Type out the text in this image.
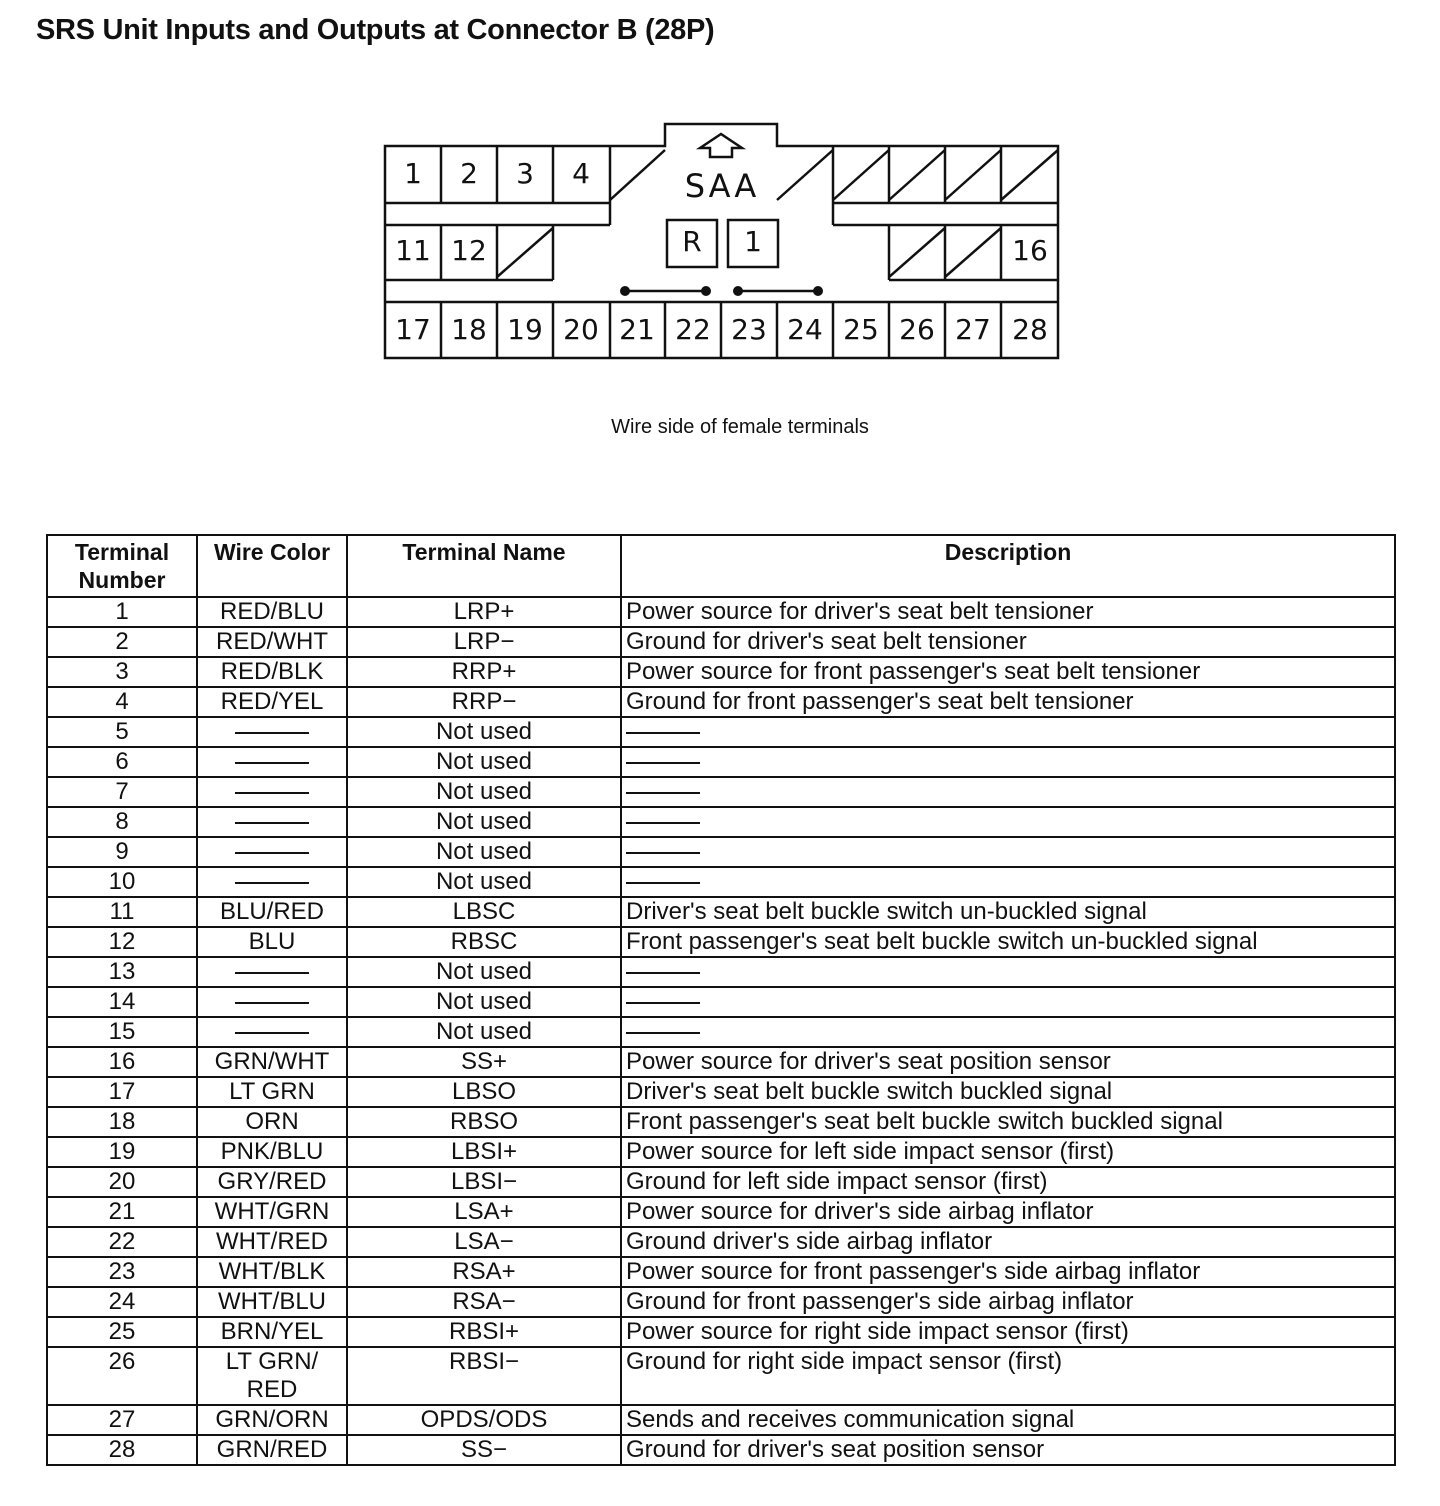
SRS Unit Inputs and Outputs at Connector B (28P)
SAA
R 1
1 2 3 4
11 12	16
17 18 19 20 21 22 23 24 25 26 27 28
Wire side of female terminals
Terminal Number	Wire Color	Terminal Name	Description
1	RED/BLU	LRP+	Power source for driver's seat belt tensioner
2	RED/WHT	LRP−	Ground for driver's seat belt tensioner
3	RED/BLK	RRP+	Power source for front passenger's seat belt tensioner
4	RED/YEL	RRP−	Ground for front passenger's seat belt tensioner
5		Not used	
6		Not used	
7		Not used	
8		Not used	
9		Not used	
10		Not used	
11	BLU/RED	LBSC	Driver's seat belt buckle switch un-buckled signal
12	BLU	RBSC	Front passenger's seat belt buckle switch un-buckled signal
13		Not used	
14		Not used	
15		Not used	
16	GRN/WHT	SS+	Power source for driver's seat position sensor
17	LT GRN	LBSO	Driver's seat belt buckle switch buckled signal
18	ORN	RBSO	Front passenger's seat belt buckle switch buckled signal
19	PNK/BLU	LBSI+	Power source for left side impact sensor (first)
20	GRY/RED	LBSI−	Ground for left side impact sensor (first)
21	WHT/GRN	LSA+	Power source for driver's side airbag inflator
22	WHT/RED	LSA−	Ground driver's side airbag inflator
23	WHT/BLK	RSA+	Power source for front passenger's side airbag inflator
24	WHT/BLU	RSA−	Ground for front passenger's side airbag inflator
25	BRN/YEL	RBSI+	Power source for right side impact sensor (first)
26	LT GRN/ RED	RBSI−	Ground for right side impact sensor (first)
27	GRN/ORN	OPDS/ODS	Sends and receives communication signal
28	GRN/RED	SS−	Ground for driver's seat position sensor
